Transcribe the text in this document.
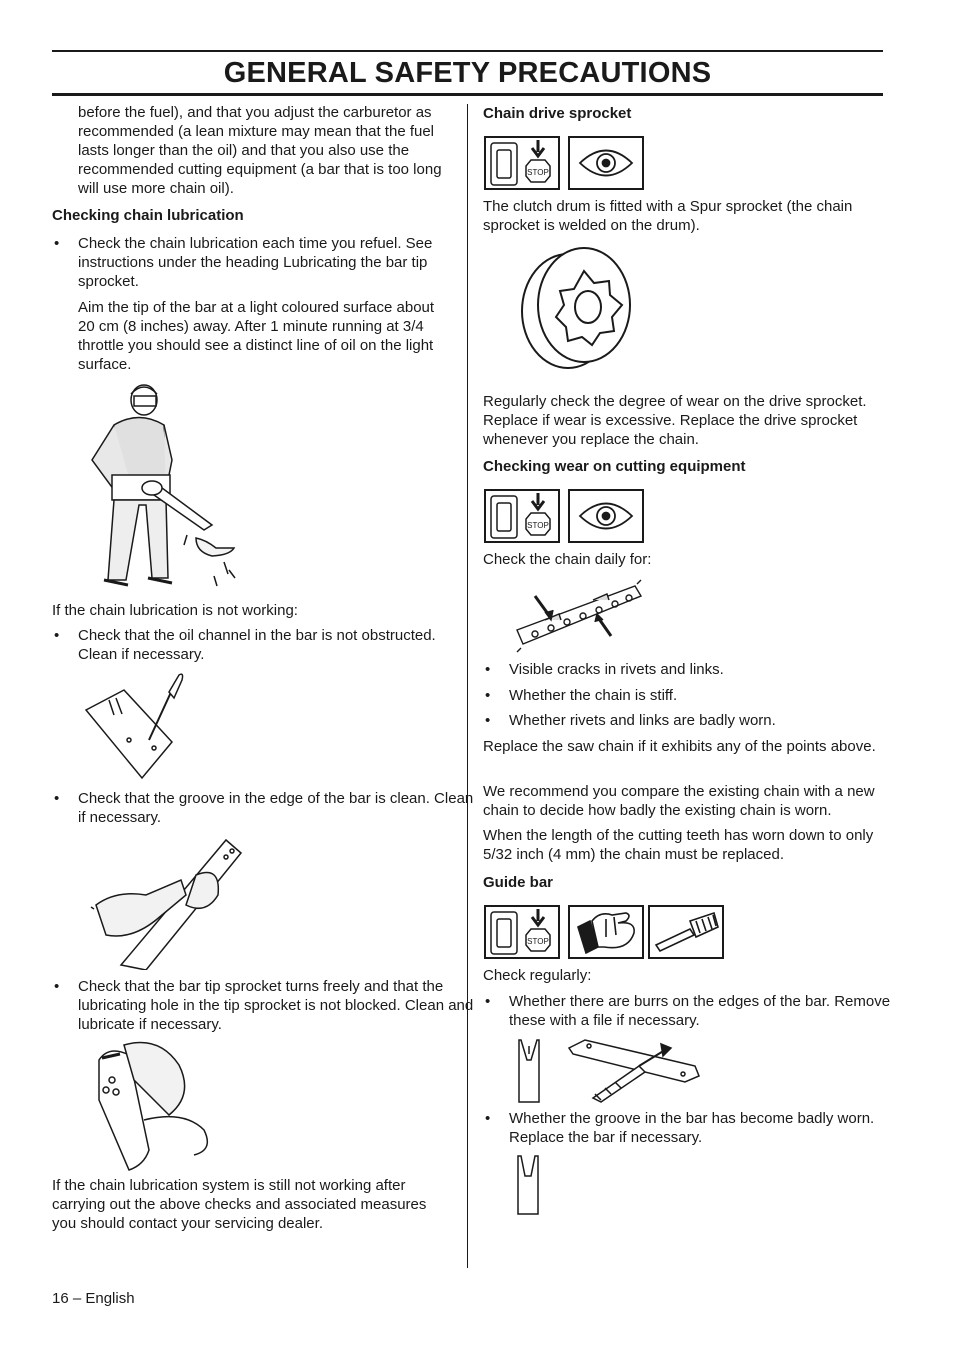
GENERAL SAFETY PRECAUTIONS

before the fuel), and that you adjust the carburetor as recommended (a lean mixture may mean that the fuel lasts longer than the oil) and that you also use the recommended cutting equipment (a bar that is too long will use more chain oil).

Checking chain lubrication

• Check the chain lubrication each time you refuel. See instructions under the heading Lubricating the bar tip sprocket.

Aim the tip of the bar at a light coloured surface about 20 cm (8 inches) away. After 1 minute running at 3/4 throttle you should see a distinct line of oil on the light surface.

If the chain lubrication is not working:

• Check that the oil channel in the bar is not obstructed. Clean if necessary.
• Check that the groove in the edge of the bar is clean. Clean if necessary.
• Check that the bar tip sprocket turns freely and that the lubricating hole in the tip sprocket is not blocked. Clean and lubricate if necessary.

If the chain lubrication system is still not working after carrying out the above checks and associated measures you should contact your servicing dealer.

Chain drive sprocket

STOP

The clutch drum is fitted with a Spur sprocket (the chain sprocket is welded on the drum).

Regularly check the degree of wear on the drive sprocket. Replace if wear is excessive. Replace the drive sprocket whenever you replace the chain.

Checking wear on cutting equipment

STOP

Check the chain daily for:

• Visible cracks in rivets and links.
• Whether the chain is stiff.
• Whether rivets and links are badly worn.

Replace the saw chain if it exhibits any of the points above.

We recommend you compare the existing chain with a new chain to decide how badly the existing chain is worn.

When the length of the cutting teeth has worn down to only 5/32 inch (4 mm) the chain must be replaced.

Guide bar

STOP

Check regularly:

• Whether there are burrs on the edges of the bar. Remove these with a file if necessary.
• Whether the groove in the bar has become badly worn. Replace the bar if necessary.
16 – English
